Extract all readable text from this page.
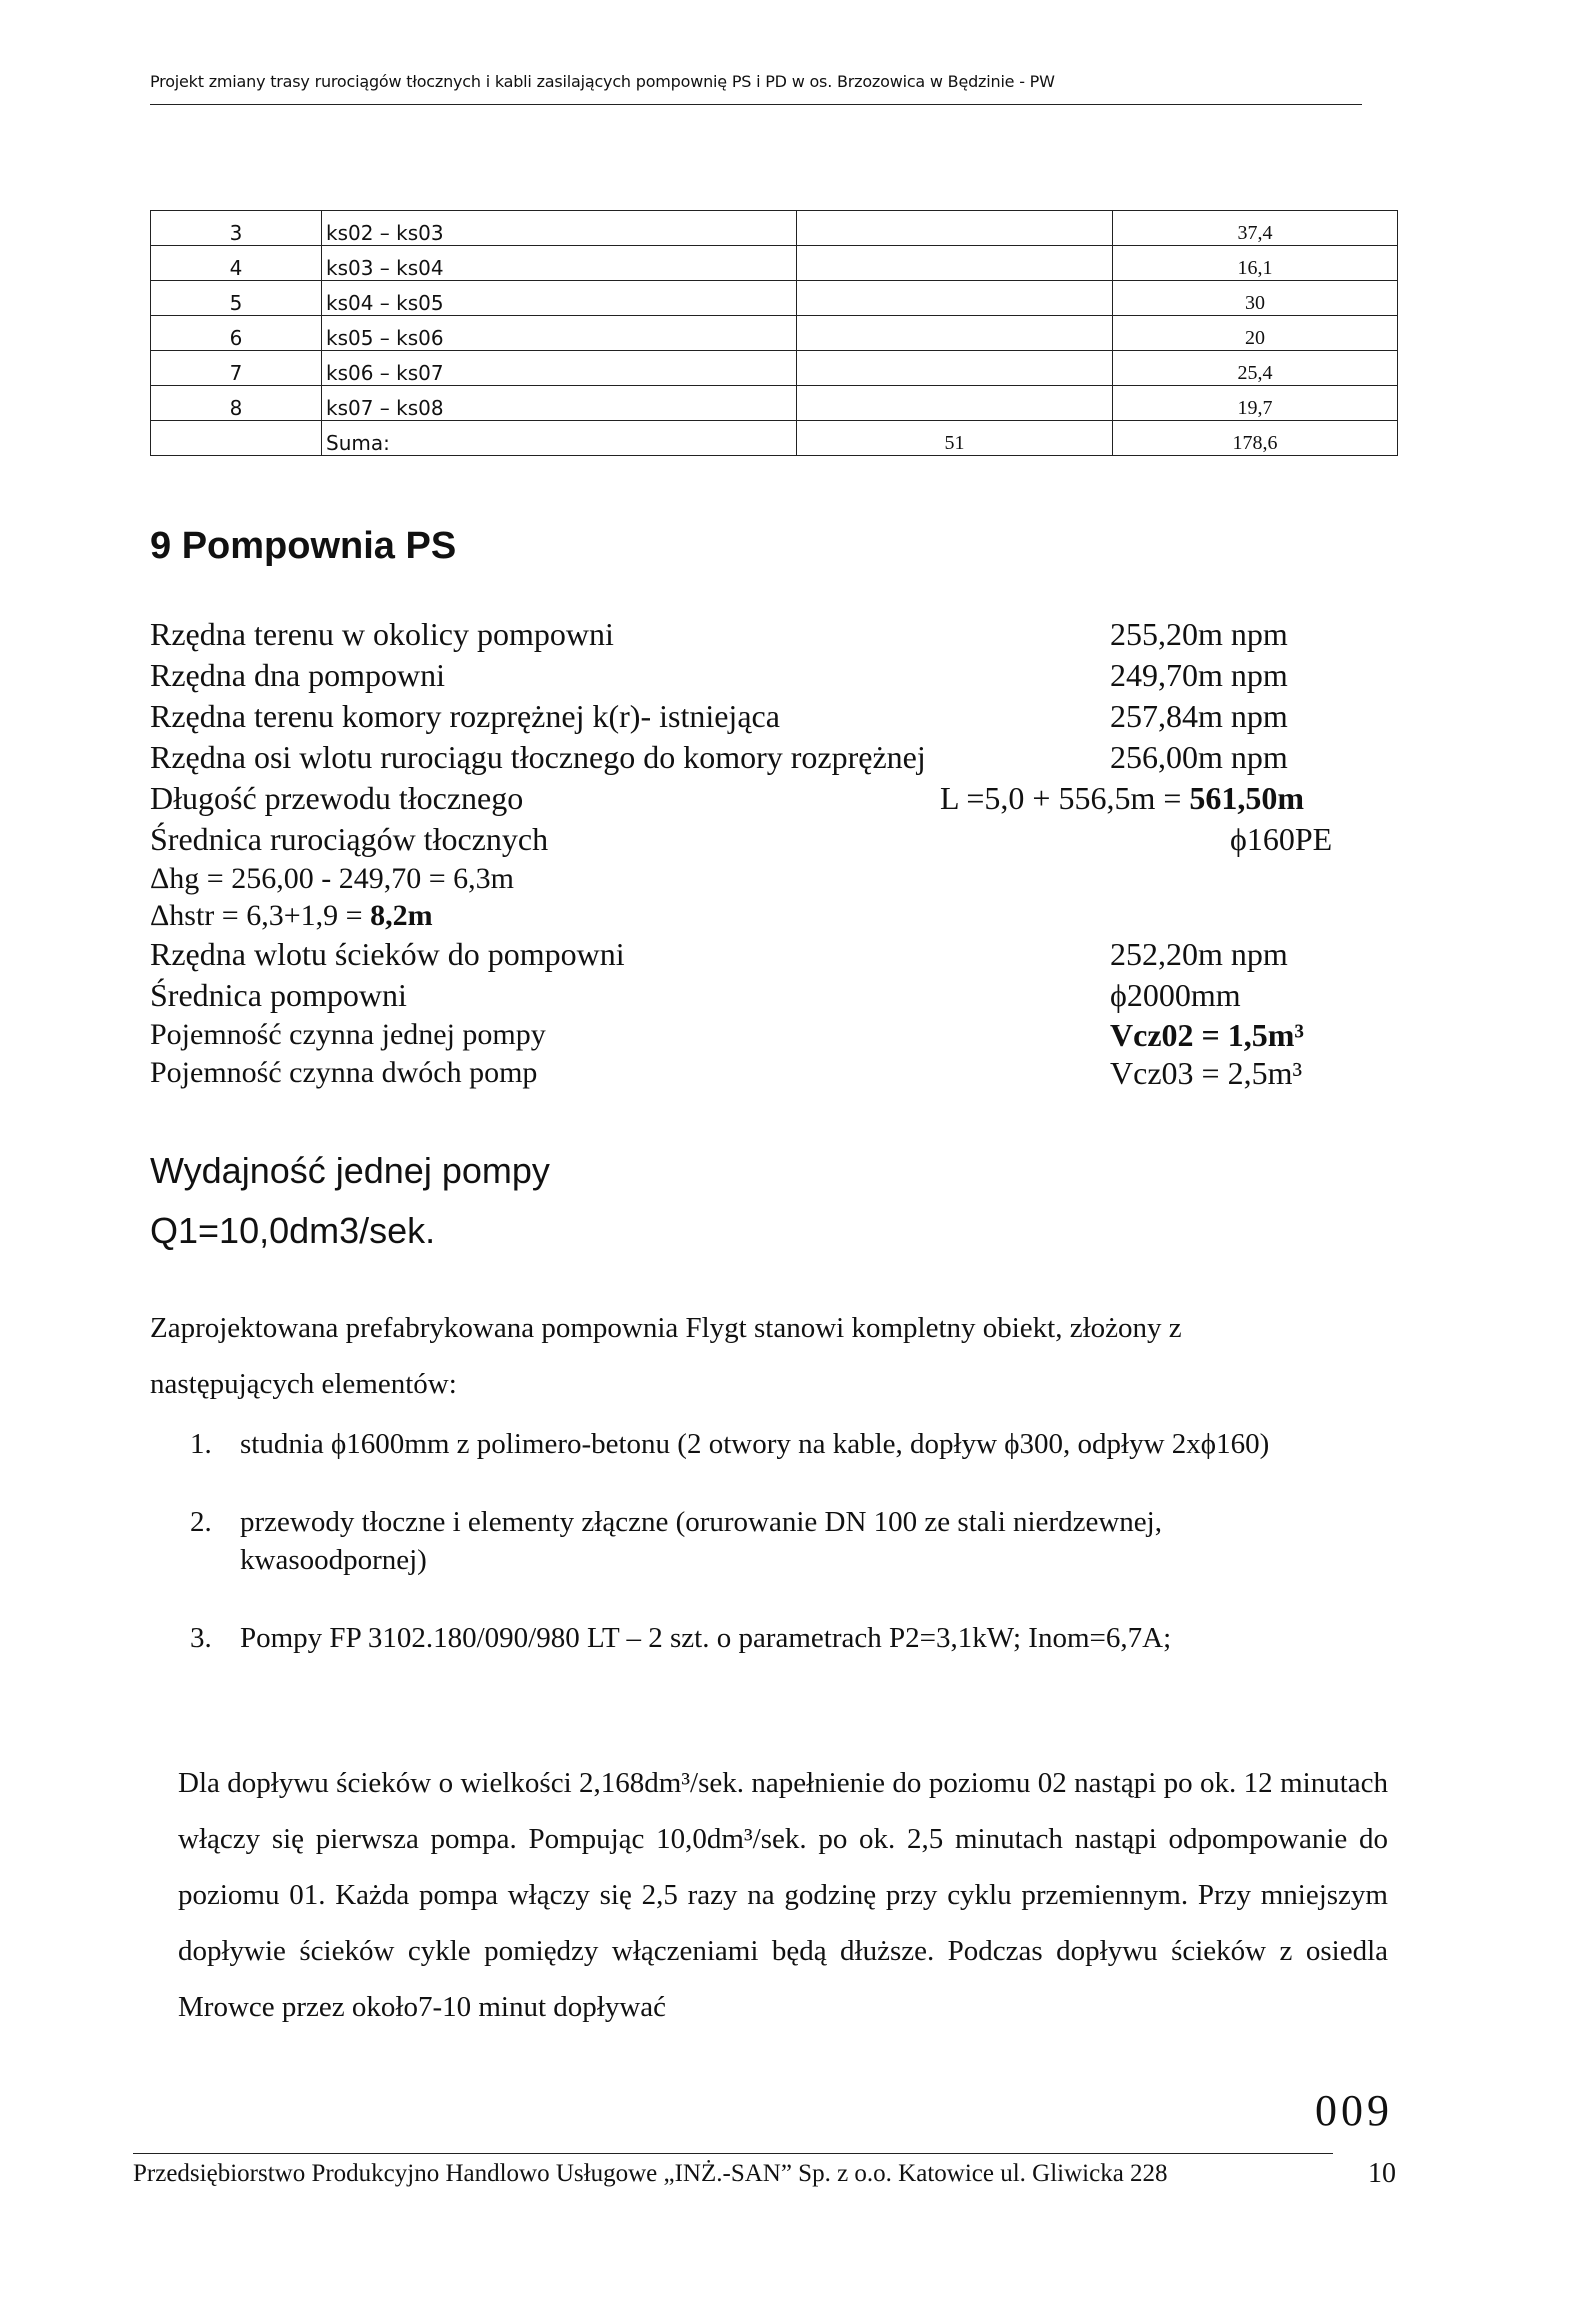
Projekt zmiany trasy rurociągów tłocznych i kabli zasilających pompownię PS i PD w os. Brzozowica w Będzinie - PW
3	ks02 – ks03		37,4
4	ks03 – ks04		16,1
5	ks04 – ks05		30
6	ks05 – ks06		20
7	ks06 – ks07		25,4
8	ks07 – ks08		19,7
	Suma:	51	178,6
9 Pompownia PS
Rzędna terenu w okolicy pompowni	255,20m npm
Rzędna dna pompowni	249,70m npm
Rzędna terenu komory rozprężnej k(r)- istniejąca	257,84m npm
Rzędna osi wlotu rurociągu tłocznego do komory rozprężnej	256,00m npm
Długość przewodu tłocznego	L =5,0 + 556,5m = 561,50m
Średnica rurociągów tłocznych	ϕ160PE
Δhg = 256,00 - 249,70 = 6,3m
Δhstr = 6,3+1,9 = 8,2m
Rzędna wlotu ścieków do pompowni	252,20m npm
Średnica pompowni	ϕ2000mm
Pojemność czynna jednej pompy	Vcz02 = 1,5m³
Pojemność czynna dwóch pomp	Vcz03 = 2,5m³
Wydajność jednej pompy
Q1=10,0dm3/sek.
Zaprojektowana prefabrykowana pompownia Flygt stanowi kompletny obiekt, złożony z następujących elementów:
1. studnia ϕ1600mm z polimero-betonu (2 otwory na kable, dopływ ϕ300, odpływ 2xϕ160)
2. przewody tłoczne i elementy złączne (orurowanie DN 100 ze stali nierdzewnej, kwasoodpornej)
3. Pompy FP 3102.180/090/980 LT – 2 szt. o parametrach P2=3,1kW; Inom=6,7A;
Dla dopływu ścieków o wielkości 2,168dm³/sek. napełnienie do poziomu 02 nastąpi po ok. 12 minutach włączy się pierwsza pompa. Pompując 10,0dm³/sek. po ok. 2,5 minutach nastąpi odpompowanie do poziomu 01. Każda pompa włączy się 2,5 razy na godzinę przy cyklu przemiennym. Przy mniejszym dopływie ścieków cykle pomiędzy włączeniami będą dłuższe. Podczas dopływu ścieków z osiedla Mrowce przez około7-10 minut dopływać
009
Przedsiębiorstwo Produkcyjno Handlowo Usługowe „INŻ.-SAN” Sp. z o.o. Katowice ul. Gliwicka 228	10
